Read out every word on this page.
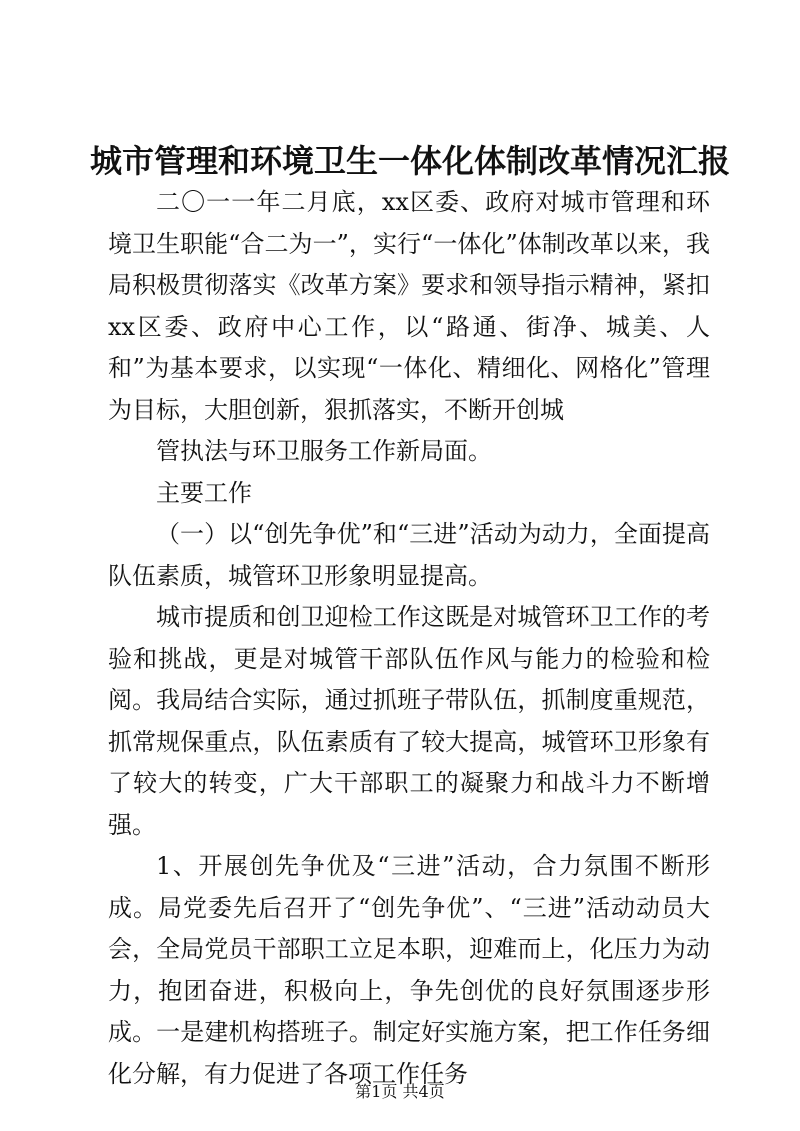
城市管理和环境卫生一体化体制改革情况汇报

二〇一一年二月底，xx区委、政府对城市管理和环境卫生职能“合二为一”，实行“一体化”体制改革以来，我局积极贯彻落实《改革方案》要求和领导指示精神，紧扣xx区委、政府中心工作，以“路通、街净、城美、人和”为基本要求，以实现“一体化、精细化、网格化”管理为目标，大胆创新，狠抓落实，不断开创城

管执法与环卫服务工作新局面。

主要工作

（一）以“创先争优”和“三进”活动为动力，全面提高队伍素质，城管环卫形象明显提高。

城市提质和创卫迎检工作这既是对城管环卫工作的考验和挑战，更是对城管干部队伍作风与能力的检验和检阅。我局结合实际，通过抓班子带队伍，抓制度重规范，抓常规保重点，队伍素质有了较大提高，城管环卫形象有了较大的转变，广大干部职工的凝聚力和战斗力不断增强。

1、开展创先争优及“三进”活动，合力氛围不断形成。局党委先后召开了“创先争优”、“三进”活动动员大会，全局党员干部职工立足本职，迎难而上，化压力为动力，抱团奋进，积极向上，争先创优的良好氛围逐步形成。一是建机构搭班子。制定好实施方案，把工作任务细化分解，有力促进了各项工作任务

第1页 共4页
